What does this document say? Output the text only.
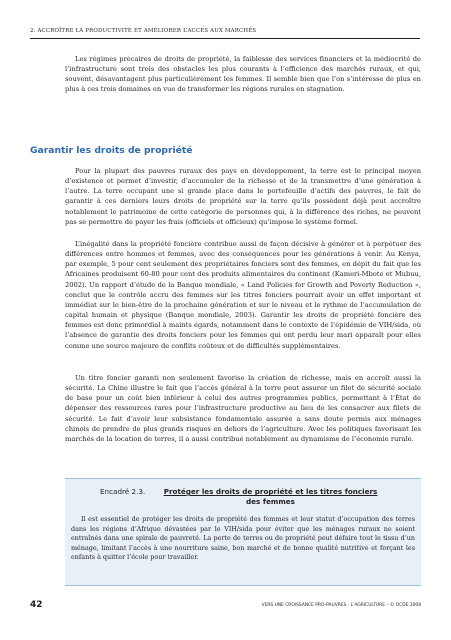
2. ACCROÎTRE LA PRODUCTIVITÉ ET AMÉLIORER L’ACCÈS AUX MARCHÉS

Les régimes précaires de droits de propriété, la faiblesse des services financiers et la médiocrité de l’infrastructure sont trois des obstacles les plus courants à l’efficience des marchés ruraux, et qui, souvent, désavantagent plus particulièrement les femmes. Il semble bien que l’on s’intéresse de plus en plus à ces trois domaines en vue de transformer les régions rurales en stagnation.

Garantir les droits de propriété

Pour la plupart des pauvres ruraux des pays en développement, la terre est le principal moyen d’existence et permet d’investir, d’accumuler de la richesse et de la transmettre d’une génération à l’autre. La terre occupant une si grande place dans le portefeuille d’actifs des pauvres, le fait de garantir à ces derniers leurs droits de propriété sur la terre qu’ils possèdent déjà peut accroître notablement le patrimoine de cette catégorie de personnes qui, à la différence des riches, ne peuvent pas se permettre de payer les frais (officiels et officieux) qu’impose le système formel.

L’inégalité dans la propriété foncière contribue aussi de façon décisive à générer et à perpétuer des différences entre hommes et femmes, avec des conséquences pour les générations à venir. Au Kenya, par exemple, 5 pour cent seulement des propriétaires fonciers sont des femmes, en dépit du fait que les Africaines produisent 60-80 pour cent des produits alimentaires du continent (Kameri-Mbote et Mubuu, 2002). Un rapport d’étude de la Banque mondiale, « Land Policies for Growth and Poverty Reduction », conclut que le contrôle accru des femmes sur les titres fonciers pourrait avoir un effet important et immédiat sur le bien-être de la prochaine génération et sur le niveau et le rythme de l’accumulation de capital humain et physique (Banque mondiale, 2003). Garantir les droits de propriété foncière des femmes est donc primordial à maints égards, notamment dans le contexte de l’épidémie de VIH/sida, où l’absence de garantie des droits fonciers pour les femmes qui ont perdu leur mari apparaît pour elles comme une source majeure de conflits coûteux et de difficultés supplémentaires.

Un titre foncier garanti non seulement favorise la création de richesse, mais en accroît aussi la sécurité. La Chine illustre le fait que l’accès général à la terre peut assurer un filet de sécurité sociale de base pour un coût bien inférieur à celui des autres programmes publics, permettant à l’État de dépenser des ressources rares pour l’infrastructure productive au lieu de les consacrer aux filets de sécurité. Le fait d’avoir leur subsistance fondamentale assurée a sans doute permis aux ménages chinois de prendre de plus grands risques en dehors de l’agriculture. Avec les politiques favorisant les marchés de la location de terres, il a aussi contribué notablement au dynamisme de l’économie rurale.

Encadré 2.3.	Protéger les droits de propriété et les titres fonciers
des femmes

Il est essentiel de protéger les droits de propriété des femmes et leur statut d’occupation des terres dans les régions d’Afrique dévastées par le VIH/sida pour éviter que les ménages ruraux ne soient entraînés dans une spirale de pauvreté. La perte de terres ou de propriété peut défaire tout le tissu d’un ménage, limitant l’accès à une nourriture saine, bon marché et de bonne qualité nutritive et forçant les enfants à quitter l’école pour travailler.

42	VERS UNE CROISSANCE PRO-PAUVRES : L’AGRICULTURE – © OCDE 2008
